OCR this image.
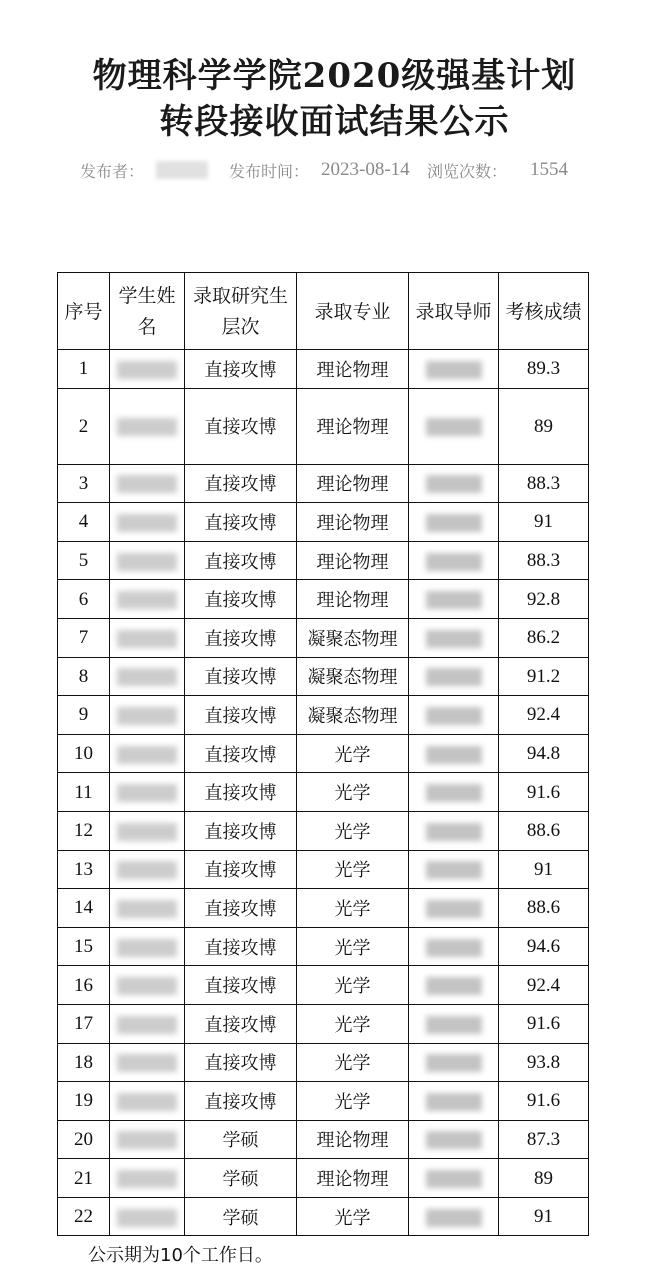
物理科学学院2020级强基计划
转段接收面试结果公示
发布者：	发布时间： 2023-08-14 浏览次数： 1554
序号	学生姓名	录取研究生层次	录取专业	录取导师	考核成绩
1		直接攻博	理论物理		89.3
2		直接攻博	理论物理		89
3		直接攻博	理论物理		88.3
4		直接攻博	理论物理		91
5		直接攻博	理论物理		88.3
6		直接攻博	理论物理		92.8
7		直接攻博	凝聚态物理		86.2
8		直接攻博	凝聚态物理		91.2
9		直接攻博	凝聚态物理		92.4
10		直接攻博	光学		94.8
11		直接攻博	光学		91.6
12		直接攻博	光学		88.6
13		直接攻博	光学		91
14		直接攻博	光学		88.6
15		直接攻博	光学		94.6
16		直接攻博	光学		92.4
17		直接攻博	光学		91.6
18		直接攻博	光学		93.8
19		直接攻博	光学		91.6
20		学硕	理论物理		87.3
21		学硕	理论物理		89
22		学硕	光学		91
公示期为10个工作日。
